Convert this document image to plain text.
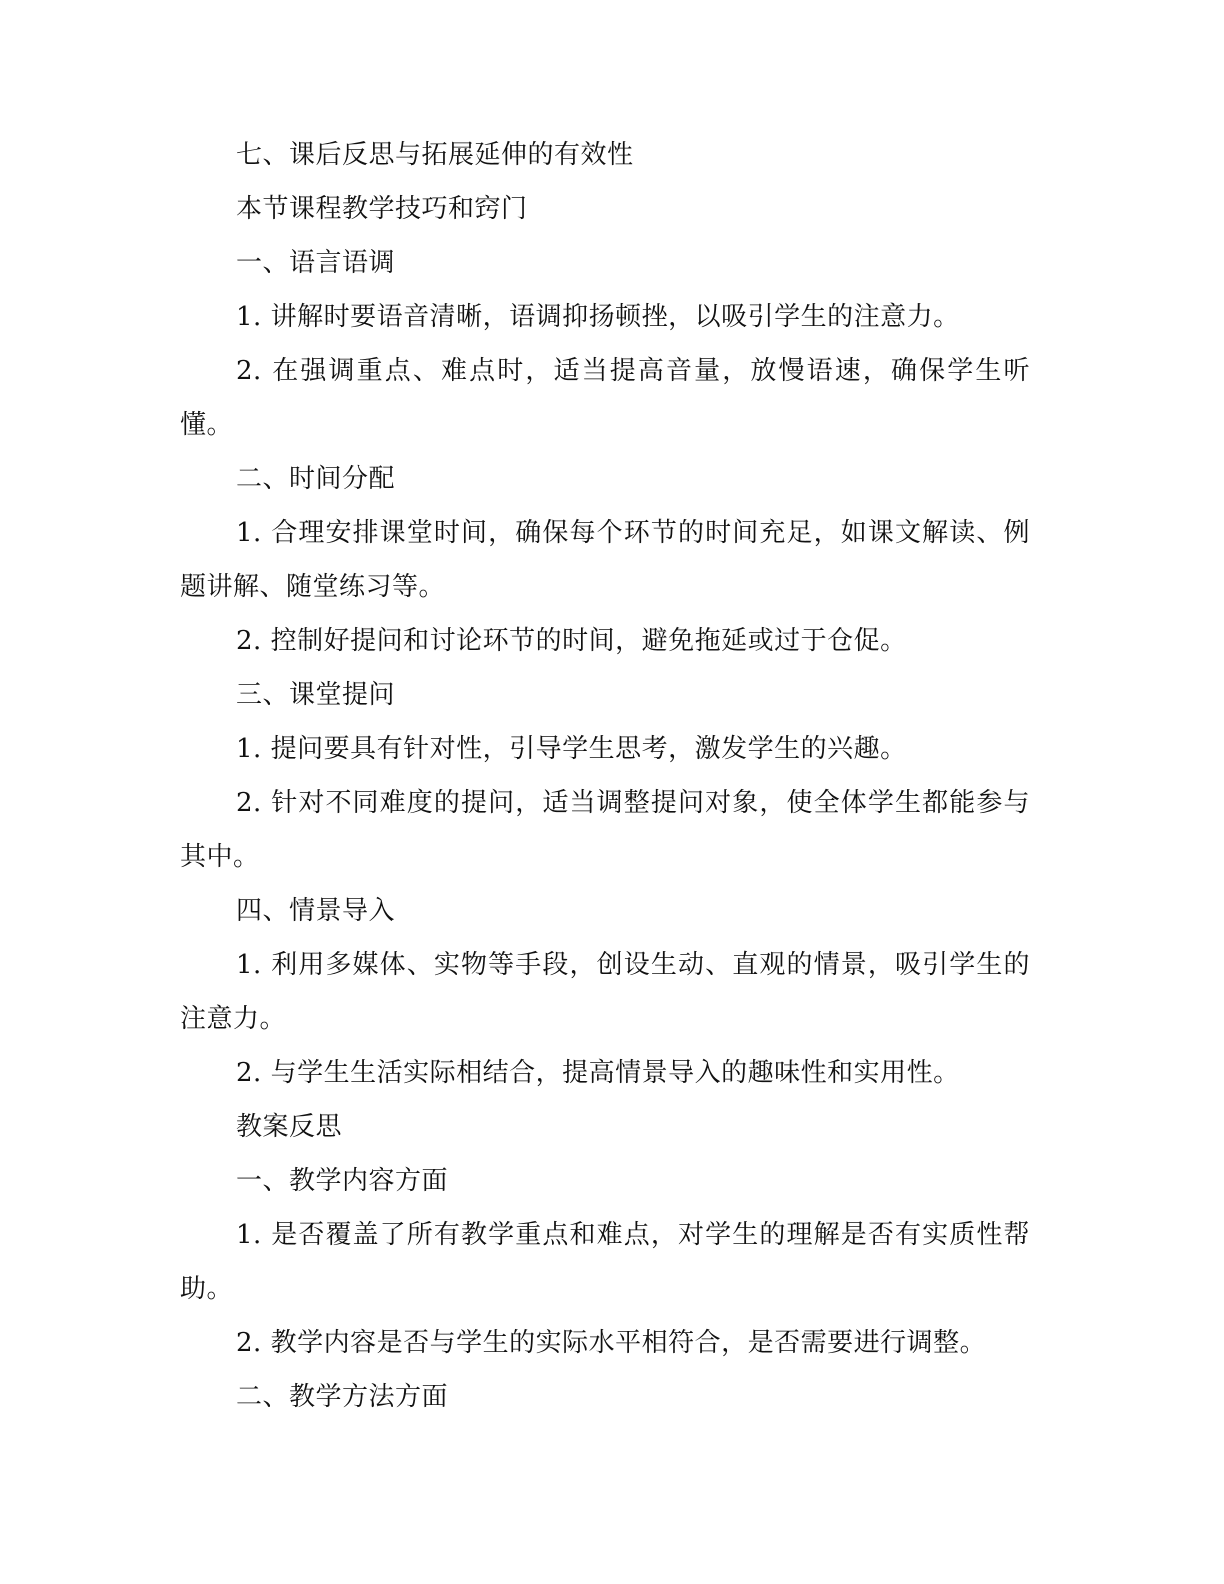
七、课后反思与拓展延伸的有效性

本节课程教学技巧和窍门

一、语言语调

1. 讲解时要语音清晰，语调抑扬顿挫，以吸引学生的注意力。

2. 在强调重点、难点时，适当提高音量，放慢语速，确保学生听懂。

二、时间分配

1. 合理安排课堂时间，确保每个环节的时间充足，如课文解读、例题讲解、随堂练习等。

2. 控制好提问和讨论环节的时间，避免拖延或过于仓促。

三、课堂提问

1. 提问要具有针对性，引导学生思考，激发学生的兴趣。

2. 针对不同难度的提问，适当调整提问对象，使全体学生都能参与其中。

四、情景导入

1. 利用多媒体、实物等手段，创设生动、直观的情景，吸引学生的注意力。

2. 与学生生活实际相结合，提高情景导入的趣味性和实用性。

教案反思

一、教学内容方面

1. 是否覆盖了所有教学重点和难点，对学生的理解是否有实质性帮助。

2. 教学内容是否与学生的实际水平相符合，是否需要进行调整。

二、教学方法方面
